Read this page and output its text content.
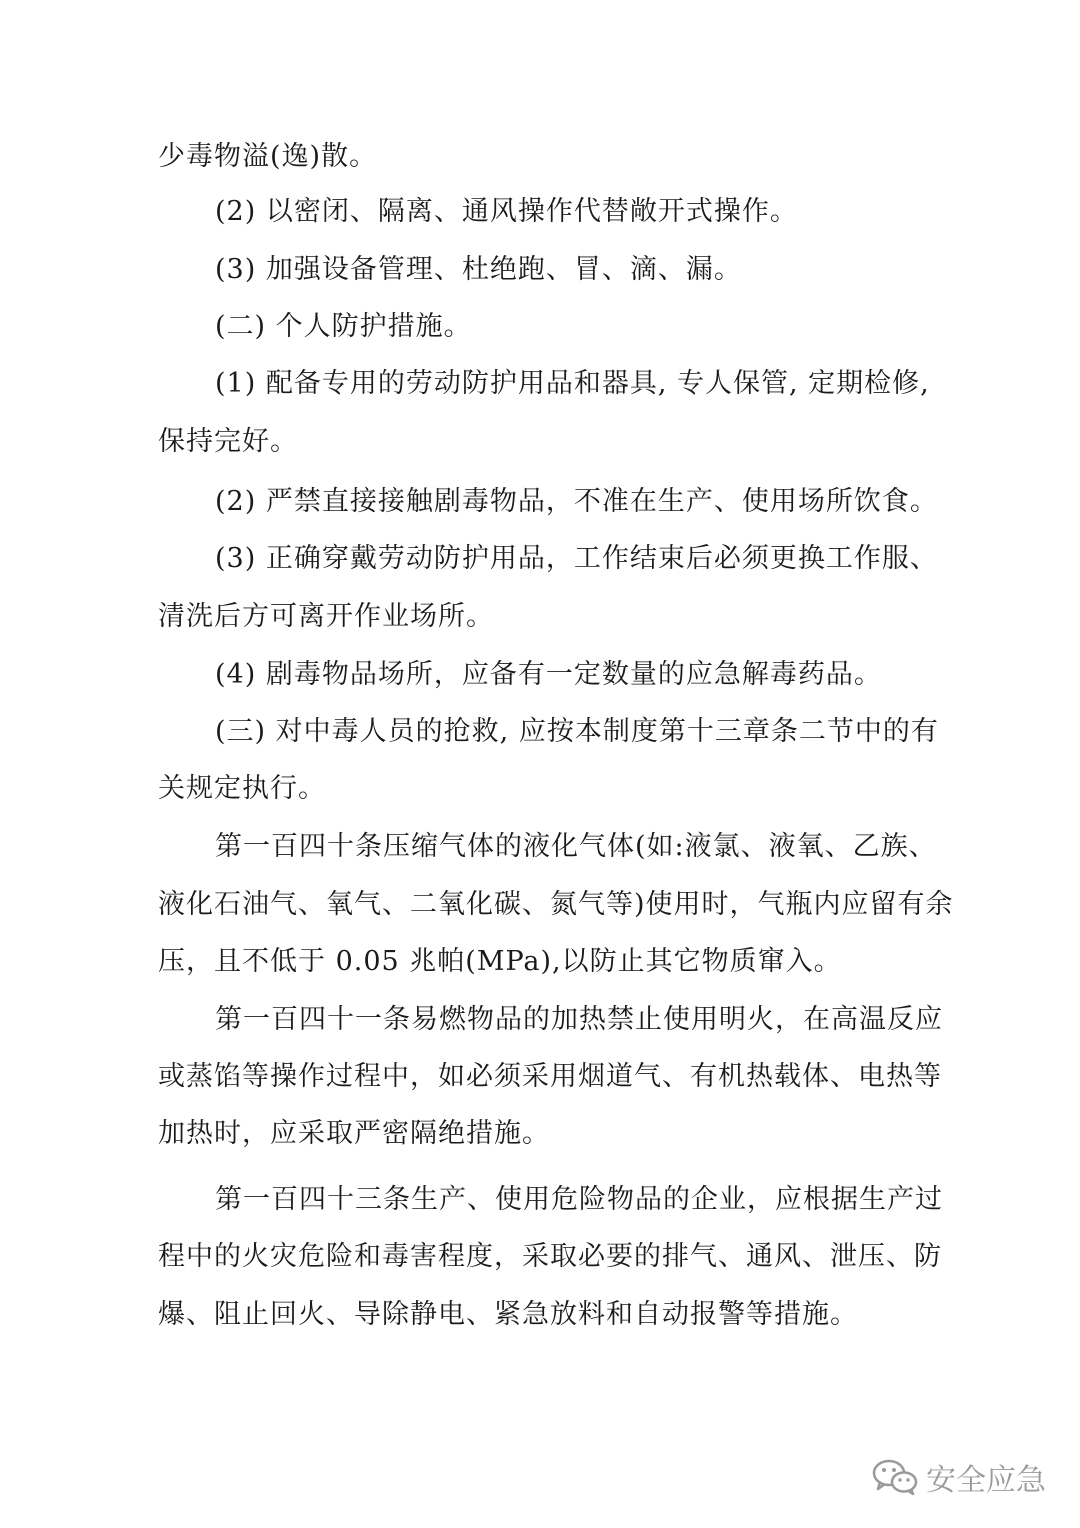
少毒物溢(逸)散。
(2) 以密闭、隔离、通风操作代替敞开式操作。
(3) 加强设备管理、杜绝跑、冒、滴、漏。
(二) 个人防护措施。
(1) 配备专用的劳动防护用品和器具, 专人保管, 定期检修,
保持完好。
(2) 严禁直接接触剧毒物品，不准在生产、使用场所饮食。
(3) 正确穿戴劳动防护用品，工作结束后必须更换工作服、
清洗后方可离开作业场所。
(4) 剧毒物品场所，应备有一定数量的应急解毒药品。
(三) 对中毒人员的抢救, 应按本制度第十三章条二节中的有
关规定执行。
第一百四十条压缩气体的液化气体(如:液氯、液氧、乙族、
液化石油气、氧气、二氧化碳、氮气等)使用时，气瓶内应留有余
压，且不低于 0.05 兆帕(MPa),以防止其它物质窜入。
第一百四十一条易燃物品的加热禁止使用明火，在高温反应
或蒸馅等操作过程中，如必须采用烟道气、有机热载体、电热等
加热时，应采取严密隔绝措施。
第一百四十三条生产、使用危险物品的企业，应根据生产过
程中的火灾危险和毒害程度，采取必要的排气、通风、泄压、防
爆、阻止回火、导除静电、紧急放料和自动报警等措施。
安全应急
